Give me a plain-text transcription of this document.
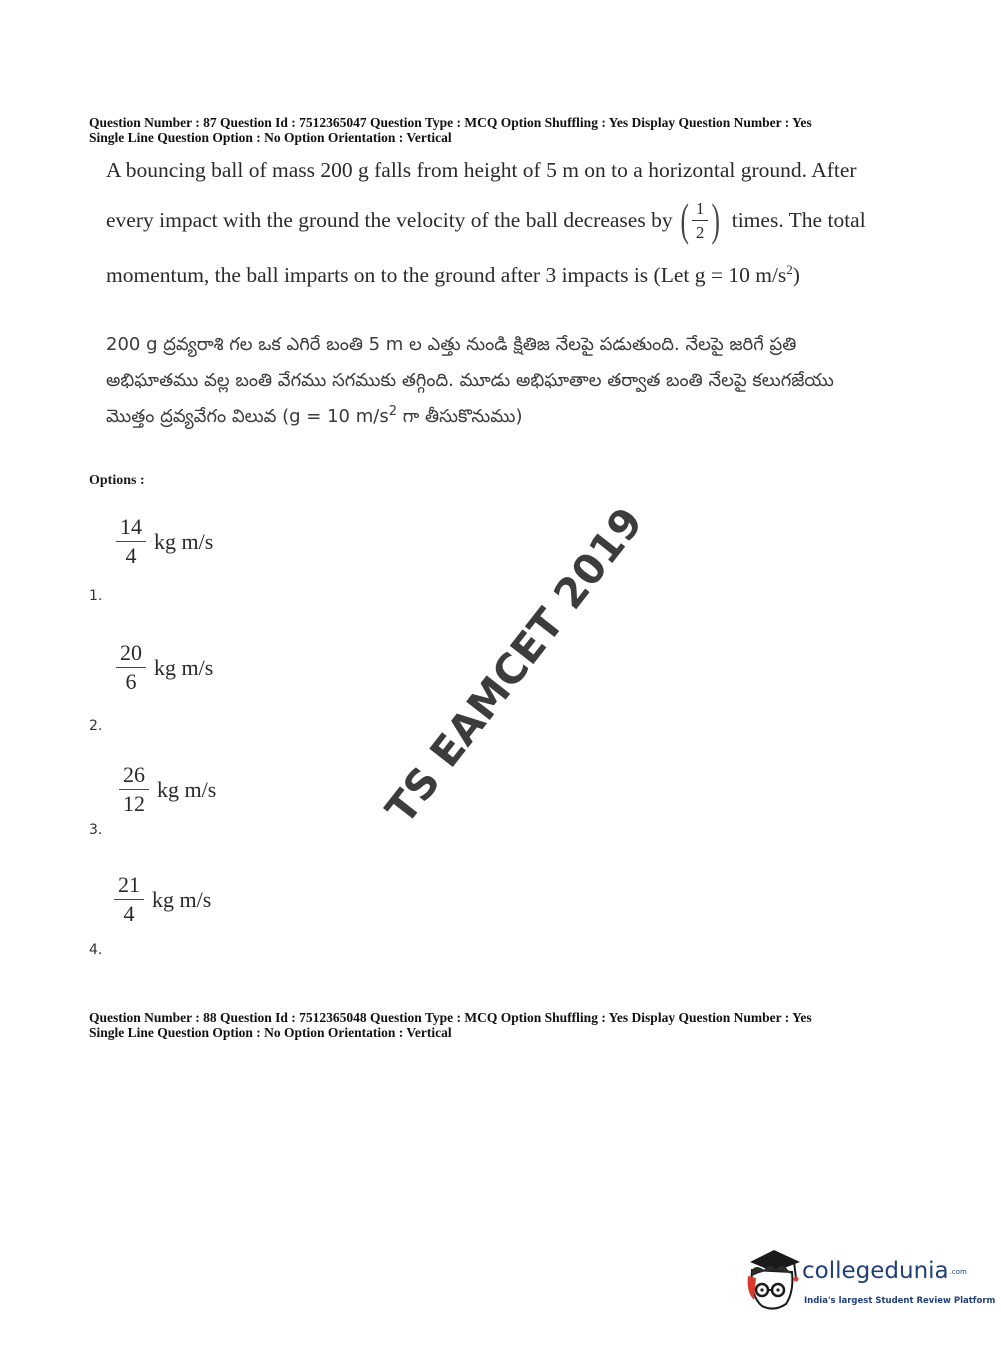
Question Number : 87 Question Id : 7512365047 Question Type : MCQ Option Shuffling : Yes Display Question Number : Yes
Single Line Question Option : No Option Orientation : Vertical
A bouncing ball of mass 200 g falls from height of 5 m on to a horizontal ground. After
every impact with the ground the velocity of the ball decreases by ( $\frac{1}{2}$ ) times. The total
momentum, the ball imparts on to the ground after 3 impacts is (Let g = 10 $m/s^2$)
200 g ద్రవ్యరాశి గల ఒక ఎగిరే బంతి 5 m ల ఎత్తు నుండి క్షితిజ నేలపై పడుతుంది. నేలపై జరిగే ప్రతి
అభిఘాతము వల్ల బంతి వేగము సగముకు తగ్గింది. మూడు అభిఘాతాల తర్వాత బంతి నేలపై కలుగజేయు
మొత్తం ద్రవ్యవేగం విలువ (g = 10 $m/s^2$ గా తీసుకొనుము)
Options :
$\frac{14}{4}$ kg m/s
1.
$\frac{20}{6}$ kg m/s
2.
$\frac{26}{12}$ kg m/s
3.
$\frac{21}{4}$ kg m/s
4.
TS EAMCET 2019
Question Number : 88 Question Id : 7512365048 Question Type : MCQ Option Shuffling : Yes Display Question Number : Yes
Single Line Question Option : No Option Orientation : Vertical
collegedunia.com
India's largest Student Review Platform
